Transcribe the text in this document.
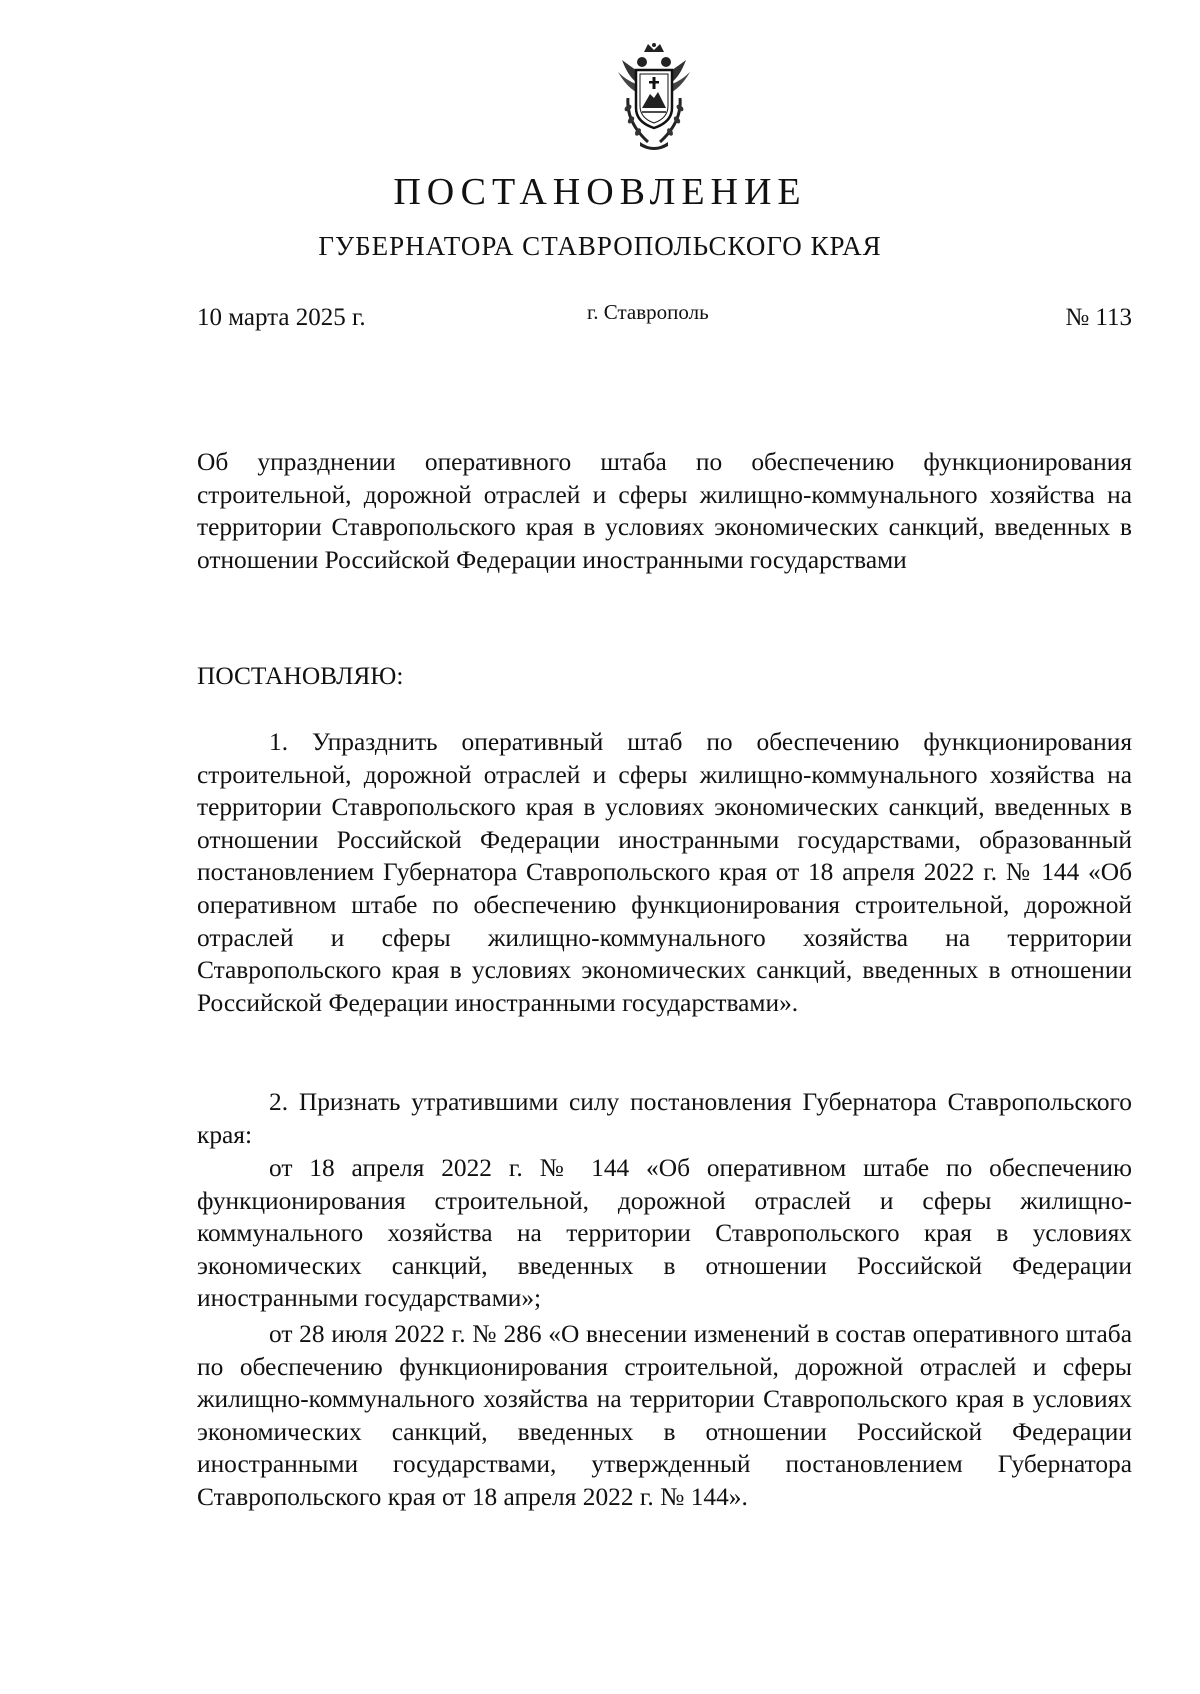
ПОСТАНОВЛЕНИЕ
ГУБЕРНАТОРА СТАВРОПОЛЬСКОГО КРАЯ
10 марта 2025 г.	г. Ставрополь	№ 113
Об упразднении оперативного штаба по обеспечению функционирования строительной, дорожной отраслей и сферы жилищно-коммунального хозяйства на территории Ставропольского края в условиях экономических санкций, введенных в отношении Российской Федерации иностранными государствами
ПОСТАНОВЛЯЮ:
1. Упразднить оперативный штаб по обеспечению функционирования строительной, дорожной отраслей и сферы жилищно-коммунального хозяйства на территории Ставропольского края в условиях экономических санкций, введенных в отношении Российской Федерации иностранными государствами, образованный постановлением Губернатора Ставропольского края от 18 апреля 2022 г. № 144 «Об оперативном штабе по обеспечению функционирования строительной, дорожной отраслей и сферы жилищно-коммунального хозяйства на территории Ставропольского края в условиях экономических санкций, введенных в отношении Российской Федерации иностранными государствами».
2. Признать утратившими силу постановления Губернатора Ставропольского края:
от 18 апреля 2022 г. № 144 «Об оперативном штабе по обеспечению функционирования строительной, дорожной отраслей и сферы жилищно-коммунального хозяйства на территории Ставропольского края в условиях экономических санкций, введенных в отношении Российской Федерации иностранными государствами»;
от 28 июля 2022 г. № 286 «О внесении изменений в состав оперативного штаба по обеспечению функционирования строительной, дорожной отраслей и сферы жилищно-коммунального хозяйства на территории Ставропольского края в условиях экономических санкций, введенных в отношении Российской Федерации иностранными государствами, утвержденный постановлением Губернатора Ставропольского края от 18 апреля 2022 г. № 144».
